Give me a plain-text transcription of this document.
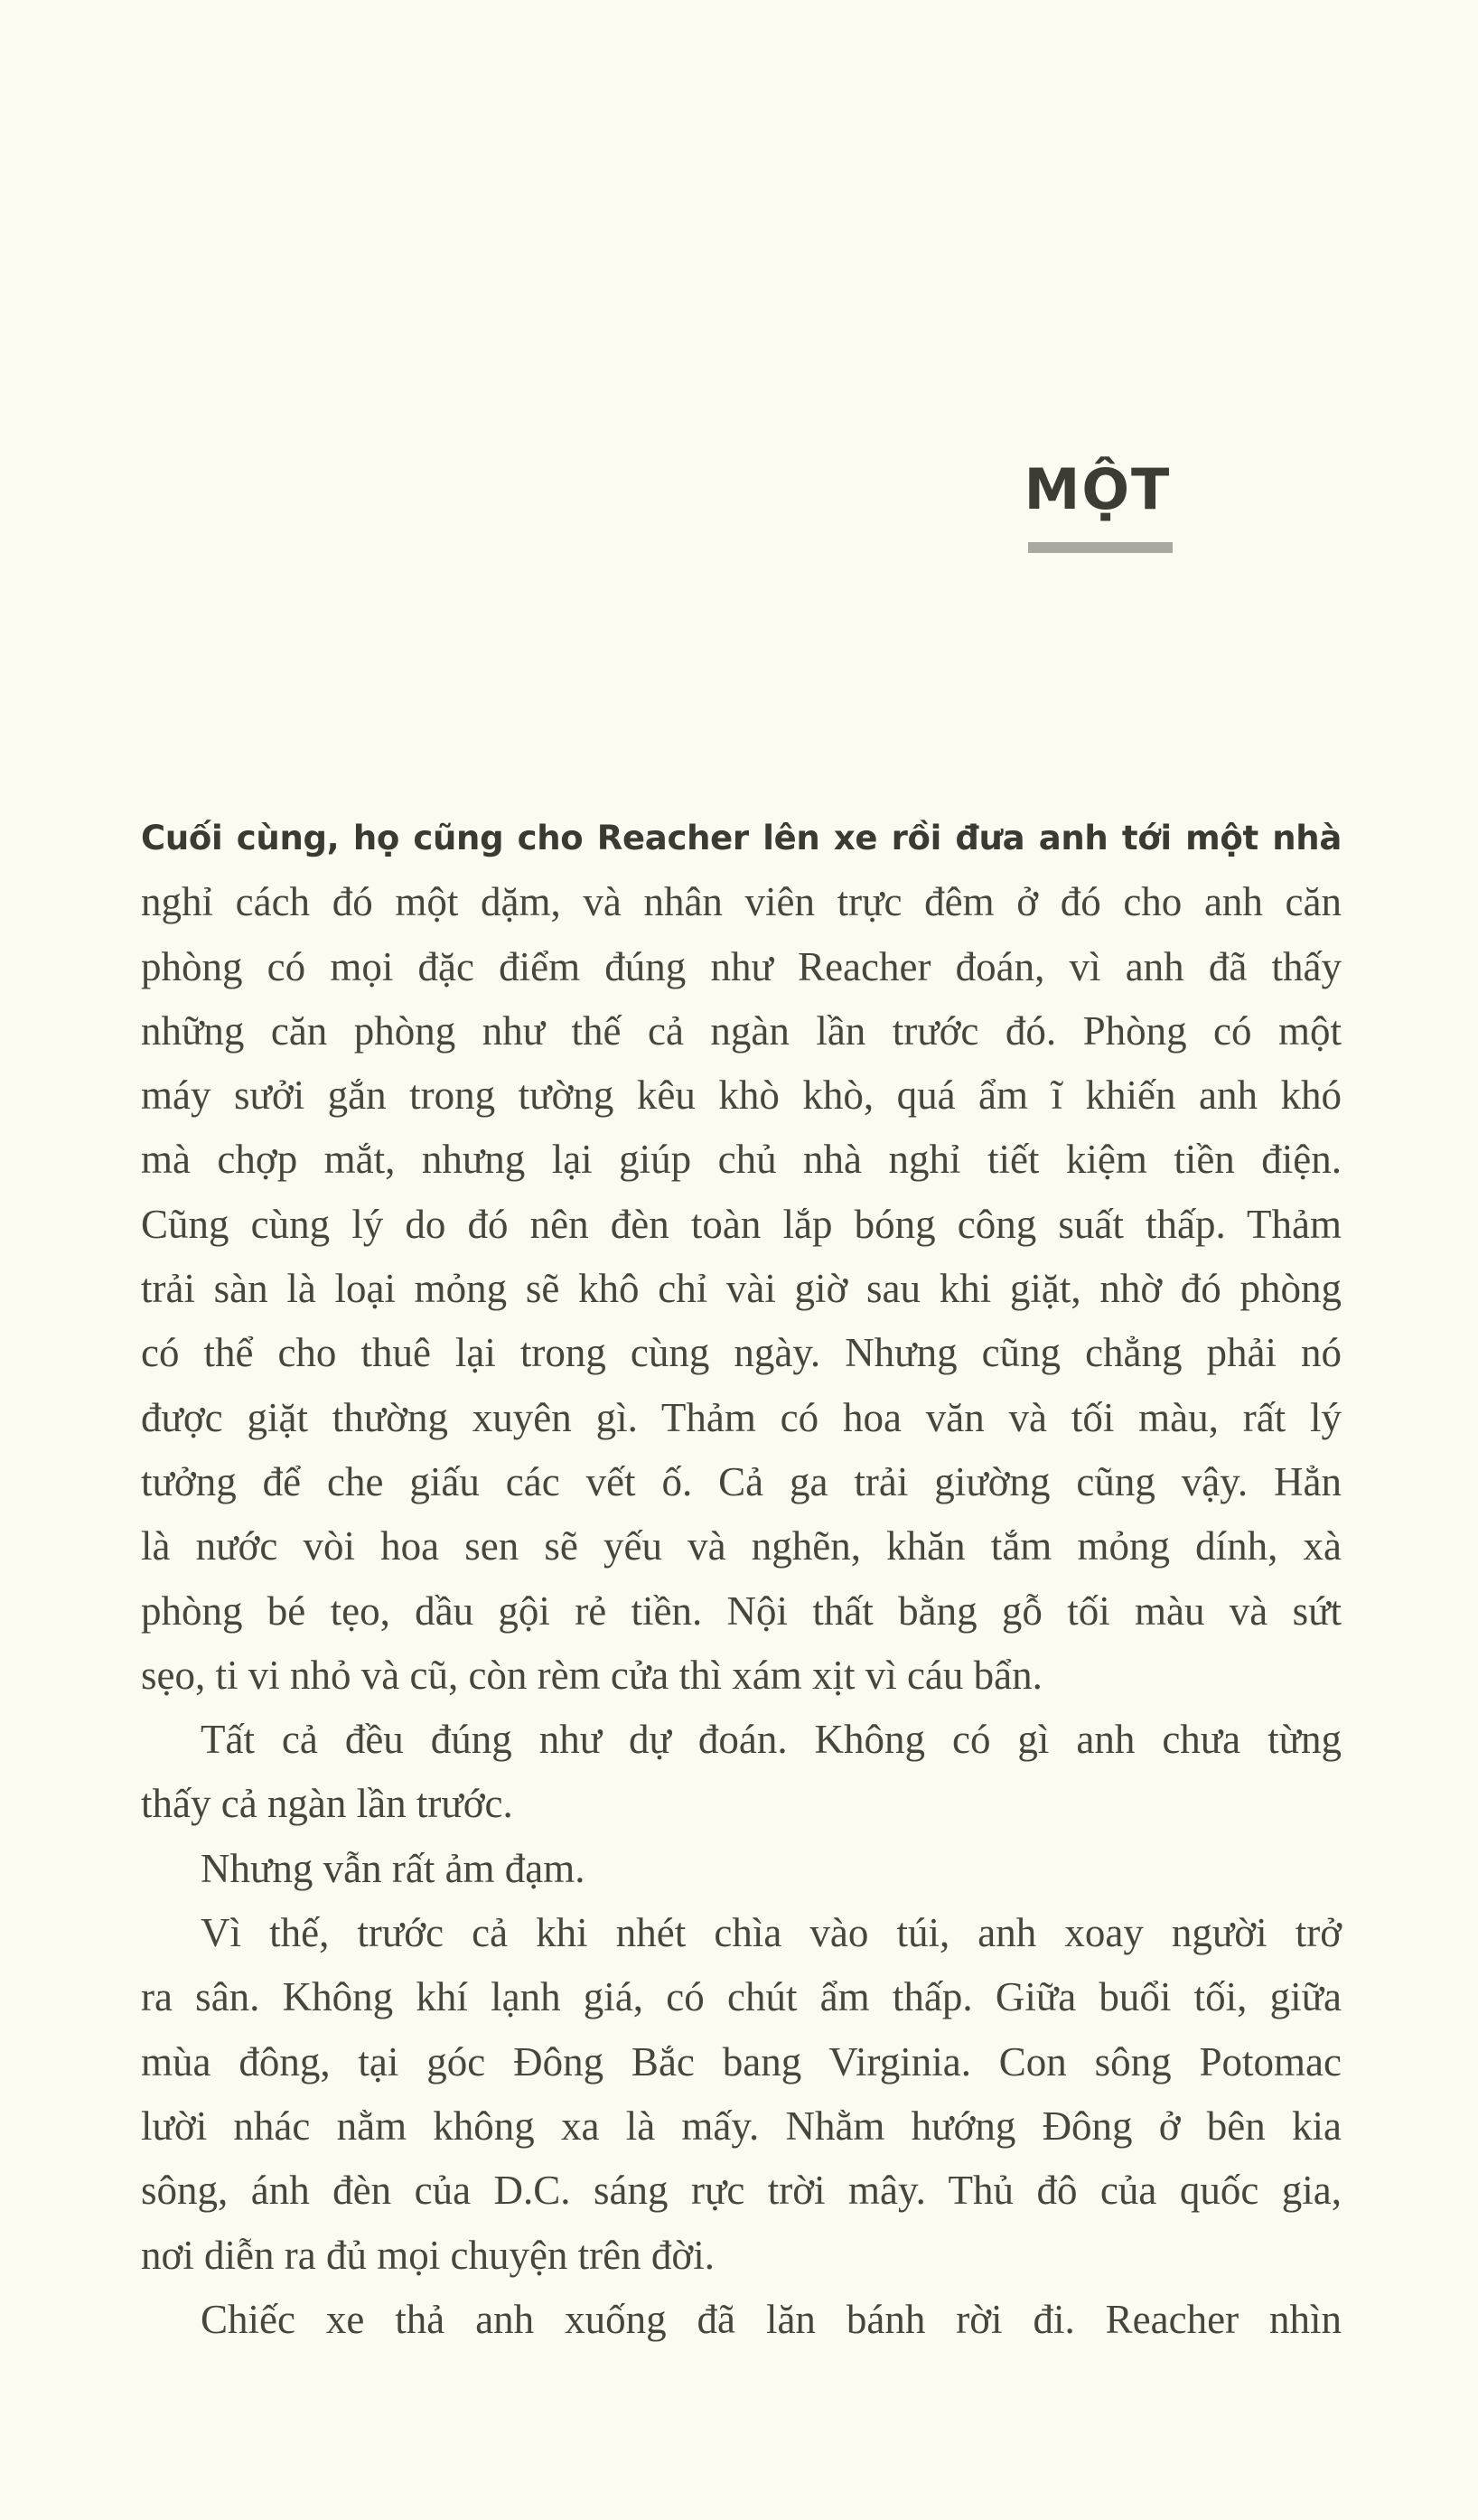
MỘT
Cuối cùng, họ cũng cho Reacher lên xe rồi đưa anh tới một nhà
nghỉ cách đó một dặm, và nhân viên trực đêm ở đó cho anh căn
phòng có mọi đặc điểm đúng như Reacher đoán, vì anh đã thấy
những căn phòng như thế cả ngàn lần trước đó. Phòng có một
máy sưởi gắn trong tường kêu khò khò, quá ẩm ĩ khiến anh khó
mà chợp mắt, nhưng lại giúp chủ nhà nghỉ tiết kiệm tiền điện.
Cũng cùng lý do đó nên đèn toàn lắp bóng công suất thấp. Thảm
trải sàn là loại mỏng sẽ khô chỉ vài giờ sau khi giặt, nhờ đó phòng
có thể cho thuê lại trong cùng ngày. Nhưng cũng chẳng phải nó
được giặt thường xuyên gì. Thảm có hoa văn và tối màu, rất lý
tưởng để che giấu các vết ố. Cả ga trải giường cũng vậy. Hẳn
là nước vòi hoa sen sẽ yếu và nghẽn, khăn tắm mỏng dính, xà
phòng bé tẹo, dầu gội rẻ tiền. Nội thất bằng gỗ tối màu và sứt
sẹo, ti vi nhỏ và cũ, còn rèm cửa thì xám xịt vì cáu bẩn.
Tất cả đều đúng như dự đoán. Không có gì anh chưa từng
thấy cả ngàn lần trước.
Nhưng vẫn rất ảm đạm.
Vì thế, trước cả khi nhét chìa vào túi, anh xoay người trở
ra sân. Không khí lạnh giá, có chút ẩm thấp. Giữa buổi tối, giữa
mùa đông, tại góc Đông Bắc bang Virginia. Con sông Potomac
lười nhác nằm không xa là mấy. Nhằm hướng Đông ở bên kia
sông, ánh đèn của D.C. sáng rực trời mây. Thủ đô của quốc gia,
nơi diễn ra đủ mọi chuyện trên đời.
Chiếc xe thả anh xuống đã lăn bánh rời đi. Reacher nhìn
